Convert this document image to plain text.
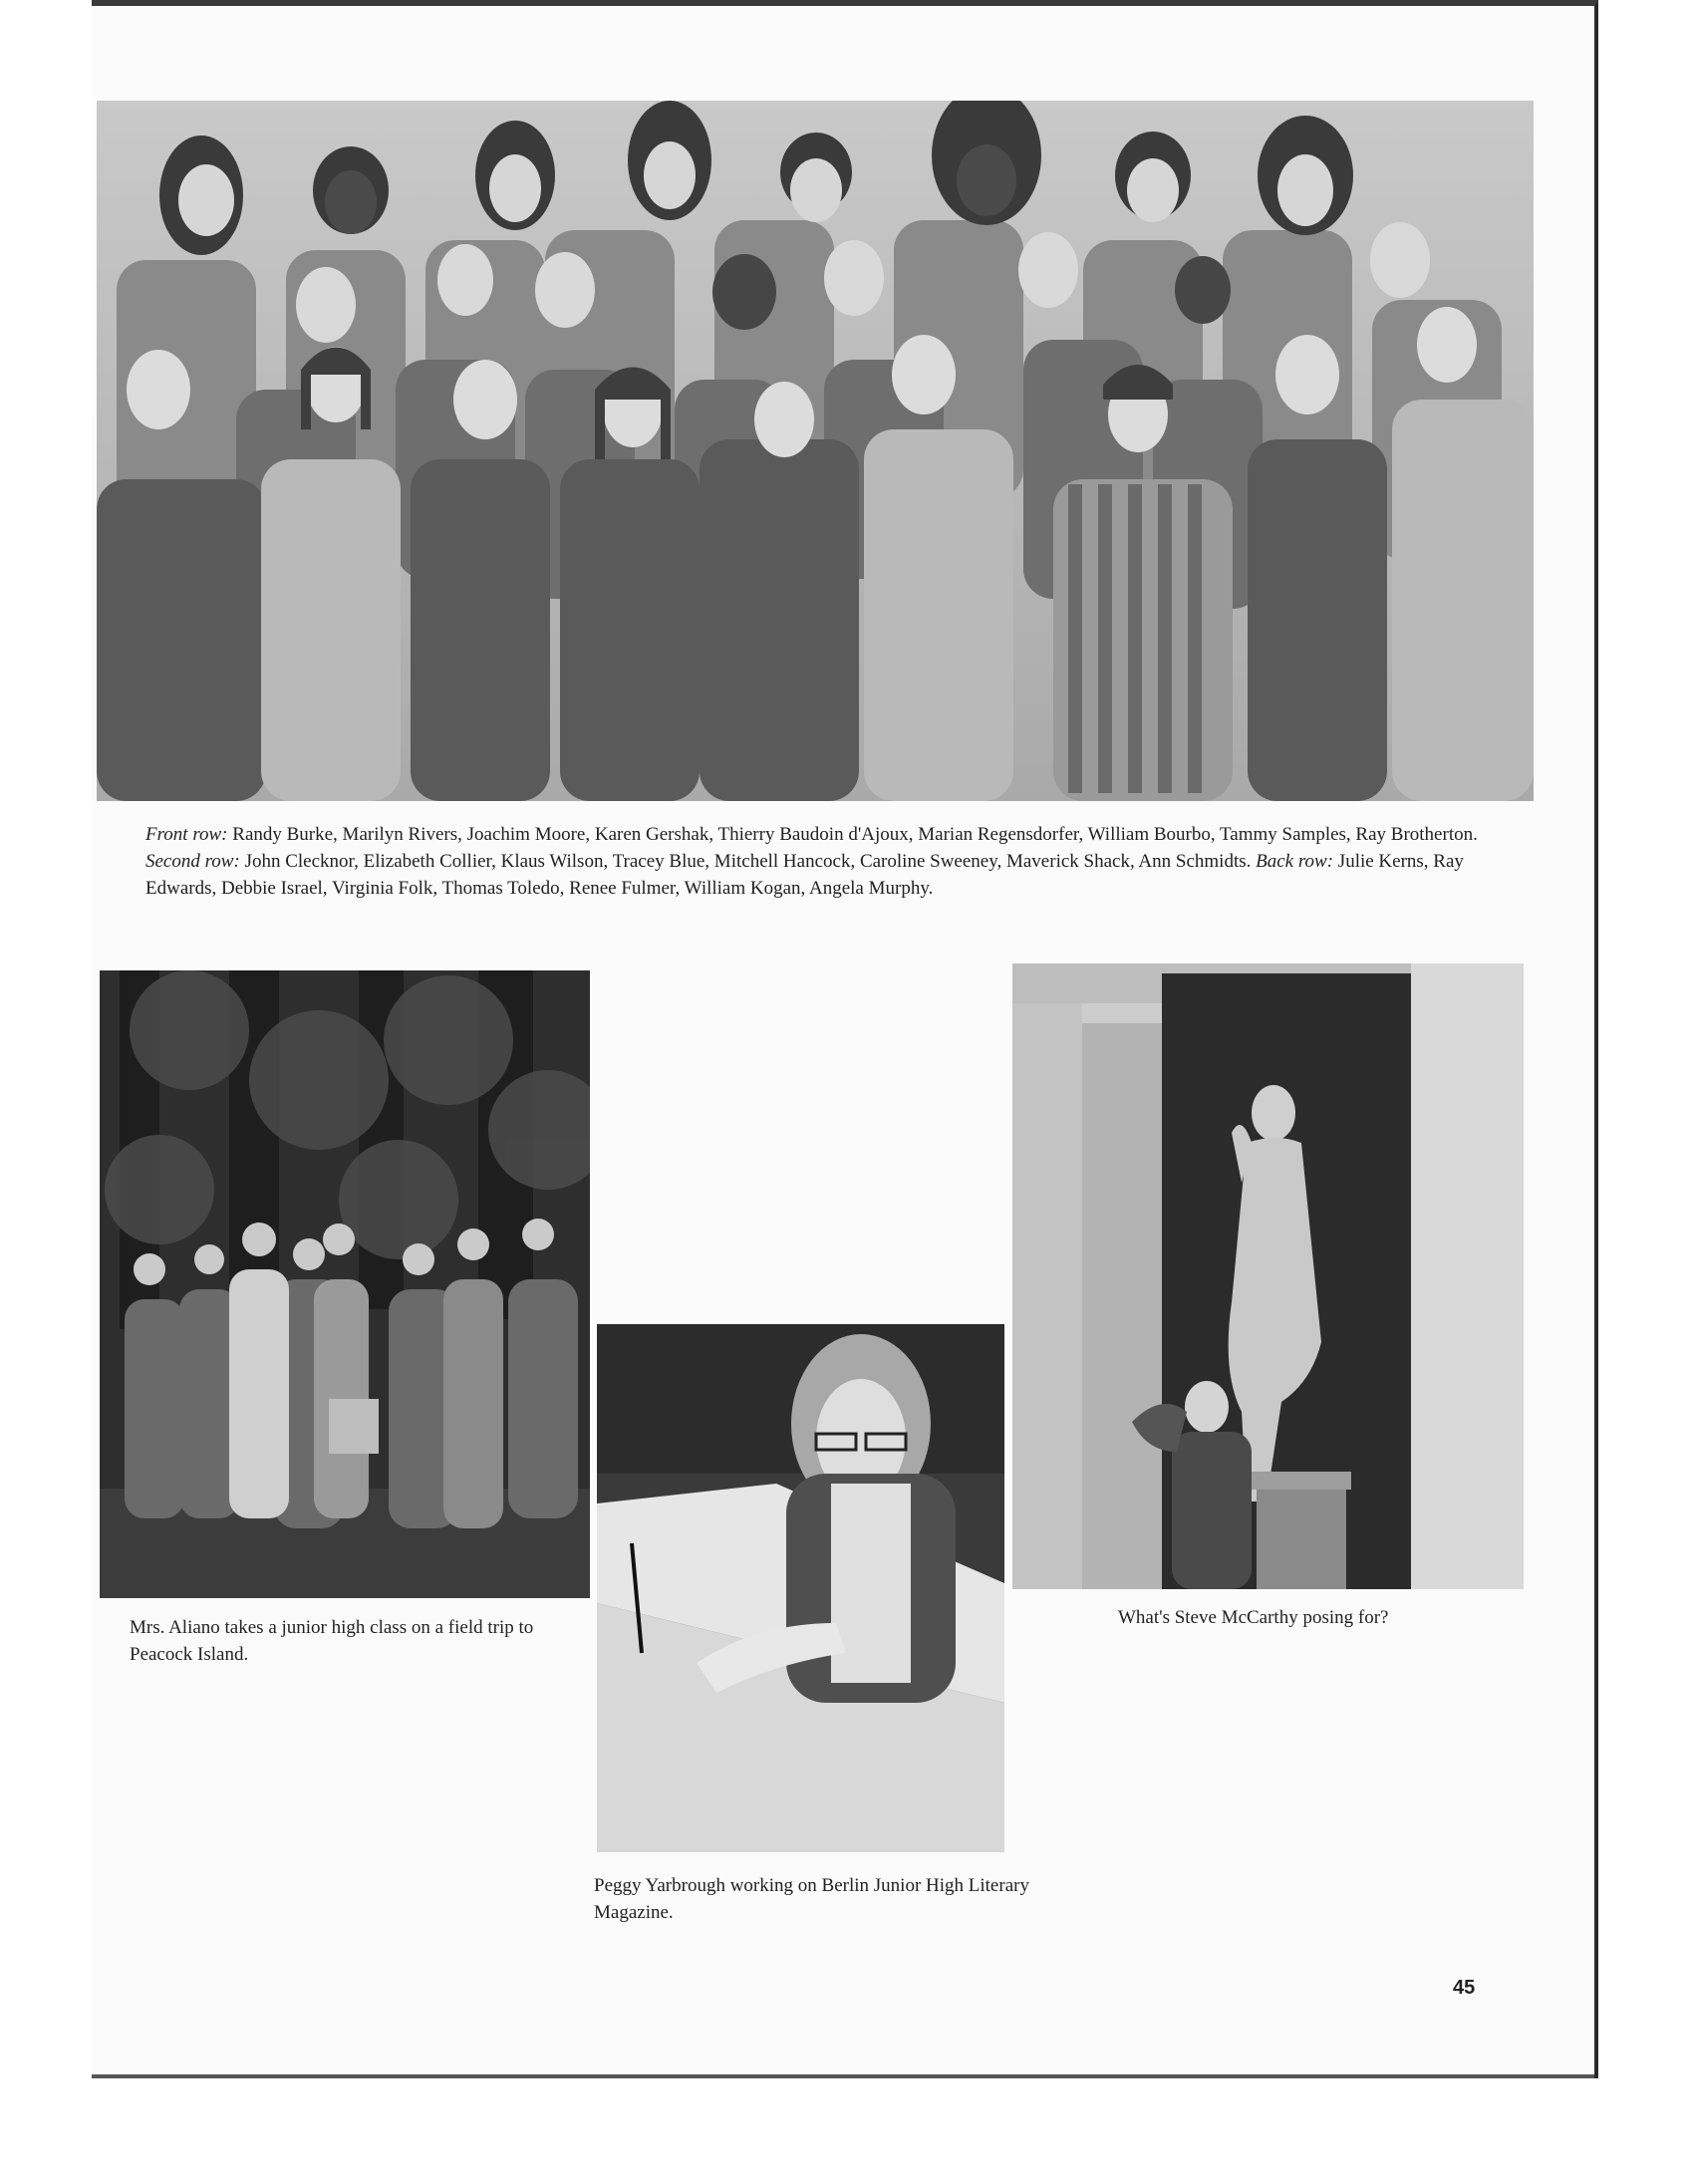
Front row: Randy Burke, Marilyn Rivers, Joachim Moore, Karen Gershak, Thierry Baudoin d'Ajoux, Marian Regensdorfer, William Bourbo, Tammy Samples, Ray Brotherton. Second row: John Clecknor, Elizabeth Collier, Klaus Wilson, Tracey Blue, Mitchell Hancock, Caroline Sweeney, Maverick Shack, Ann Schmidts. Back row: Julie Kerns, Ray Edwards, Debbie Israel, Virginia Folk, Thomas Toledo, Renee Fulmer, William Kogan, Angela Murphy.
Mrs. Aliano takes a junior high class on a field trip to Peacock Island.
Peggy Yarbrough working on Berlin Junior High Literary Magazine.
What's Steve McCarthy posing for?
45
